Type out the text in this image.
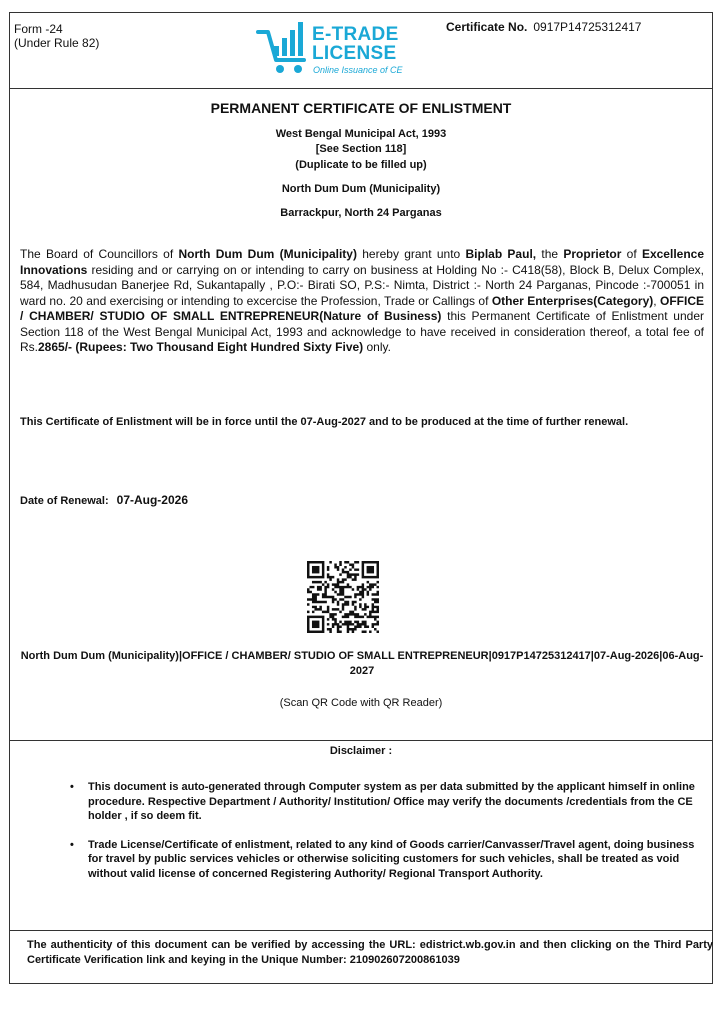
Form -24
(Under Rule 82)
Certificate No. 0917P14725312417
E-TRADE
LICENSE
Online Issuance of CE
PERMANENT CERTIFICATE OF ENLISTMENT
West Bengal Municipal Act, 1993
[See Section 118]
(Duplicate to be filled up)
North Dum Dum (Municipality)
Barrackpur, North 24 Parganas
The Board of Councillors of North Dum Dum (Municipality) hereby grant unto Biplab Paul, the Proprietor of Excellence Innovations residing and or carrying on or intending to carry on business at Holding No :- C418(58), Block B, Delux Complex, 584, Madhusudan Banerjee Rd, Sukantapally , P.O:- Birati SO, P.S:- Nimta, District :- North 24 Parganas, Pincode :-700051 in ward no. 20 and exercising or intending to excercise the Profession, Trade or Callings of Other Enterprises(Category), OFFICE / CHAMBER/ STUDIO OF SMALL ENTREPRENEUR(Nature of Business) this Permanent Certificate of Enlistment under Section 118 of the West Bengal Municipal Act, 1993 and acknowledge to have received in consideration thereof, a total fee of Rs.2865/- (Rupees: Two Thousand Eight Hundred Sixty Five) only.
This Certificate of Enlistment will be in force until the 07-Aug-2027 and to be produced at the time of further renewal.
Date of Renewal: 07-Aug-2026
North Dum Dum (Municipality)|OFFICE / CHAMBER/ STUDIO OF SMALL ENTREPRENEUR|0917P14725312417|07-Aug-2026|06-Aug-2027
(Scan QR Code with QR Reader)
Disclaimer :
• This document is auto-generated through Computer system as per data submitted by the applicant himself in online procedure. Respective Department / Authority/ Institution/ Office may verify the documents /credentials from the CE holder , if so deem fit.
• Trade License/Certificate of enlistment, related to any kind of Goods carrier/Canvasser/Travel agent, doing business for travel by public services vehicles or otherwise soliciting customers for such vehicles, shall be treated as void without valid license of concerned Registering Authority/ Regional Transport Authority.
The authenticity of this document can be verified by accessing the URL: edistrict.wb.gov.in and then clicking on the Third Party Certificate Verification link and keying in the Unique Number: 210902607200861039
